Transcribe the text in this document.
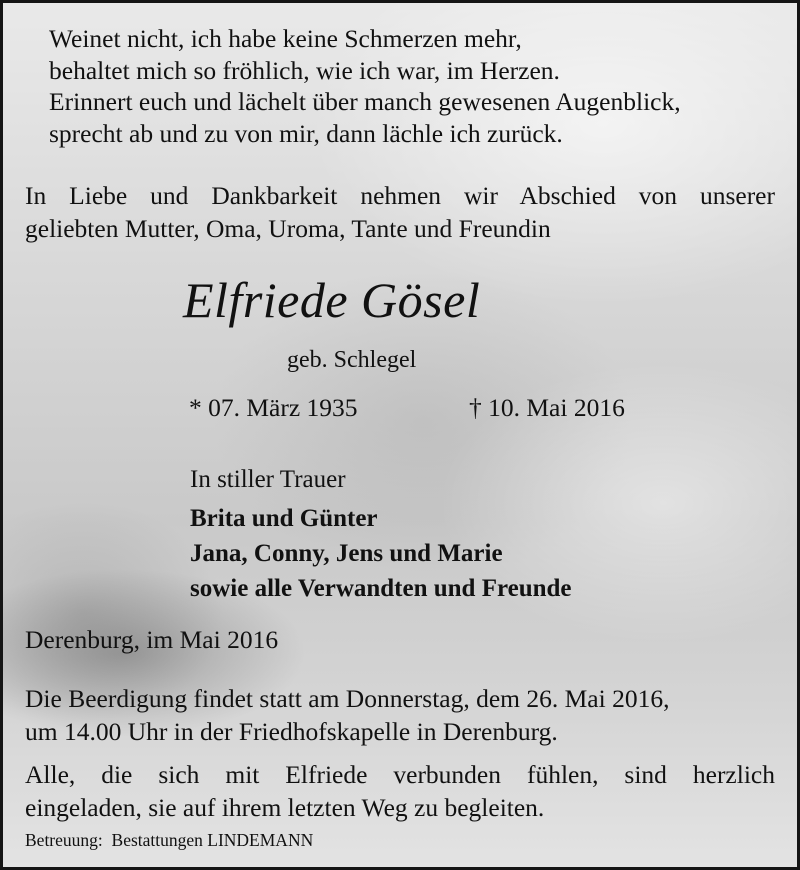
Weinet nicht, ich habe keine Schmerzen mehr,
behaltet mich so fröhlich, wie ich war, im Herzen.
Erinnert euch und lächelt über manch gewesenen Augenblick,
sprecht ab und zu von mir, dann lächle ich zurück.
In Liebe und Dankbarkeit nehmen wir Abschied von unserer
geliebten Mutter, Oma, Uroma, Tante und Freundin
Elfriede Gösel
geb. Schlegel
* 07. März 1935	† 10. Mai 2016
In stiller Trauer
Brita und Günter
Jana, Conny, Jens und Marie
sowie alle Verwandten und Freunde
Derenburg, im Mai 2016
Die Beerdigung findet statt am Donnerstag, dem 26. Mai 2016,
um 14.00 Uhr in der Friedhofskapelle in Derenburg.
Alle, die sich mit Elfriede verbunden fühlen, sind herzlich
eingeladen, sie auf ihrem letzten Weg zu begleiten.
Betreuung: Bestattungen LINDEMANN
